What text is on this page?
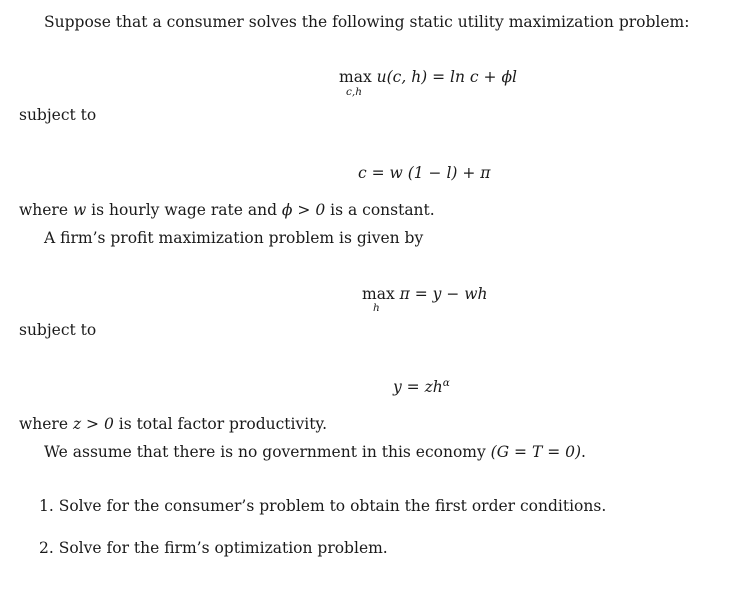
Suppose that a consumer solves the following static utility maximization problem:
max u(c, h) = ln c + ϕl
c,h
subject to
c = w (1 − l) + π
where w is hourly wage rate and ϕ > 0 is a constant.
A firm’s profit maximization problem is given by
max π = y − wh
h
subject to
$y = zh^\alpha$
where z > 0 is total factor productivity.
We assume that there is no government in this economy (G = T = 0).
1. Solve for the consumer’s problem to obtain the first order conditions.
2. Solve for the firm’s optimization problem.
